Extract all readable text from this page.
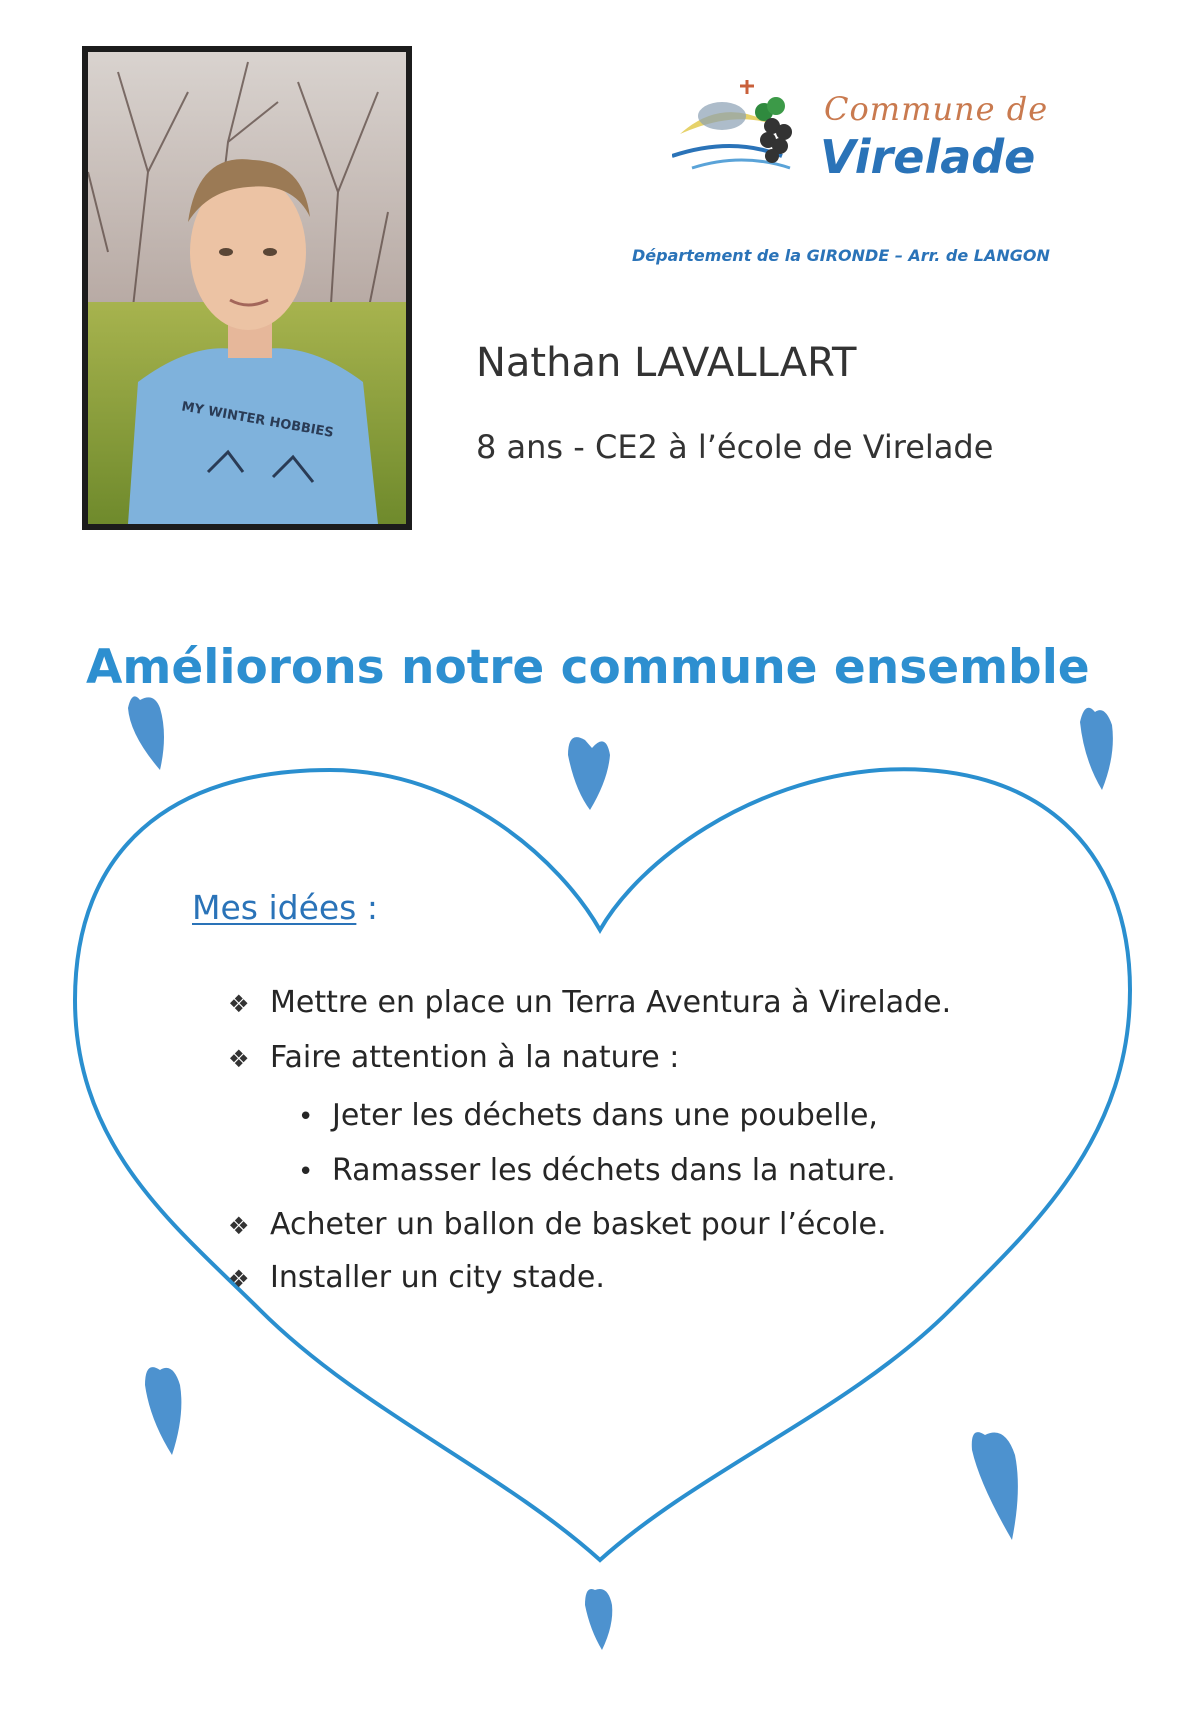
MY WINTER HOBBIES
Commune de
Virelade
Département de la GIRONDE – Arr. de LANGON
Nathan LAVALLART
8 ans - CE2 à l’école de Virelade
Améliorons notre commune ensemble
Mes idées :
❖ Mettre en place un Terra Aventura à Virelade.
❖ Faire attention à la nature :
• Jeter les déchets dans une poubelle,
• Ramasser les déchets dans la nature.
❖ Acheter un ballon de basket pour l’école.
❖ Installer un city stade.
